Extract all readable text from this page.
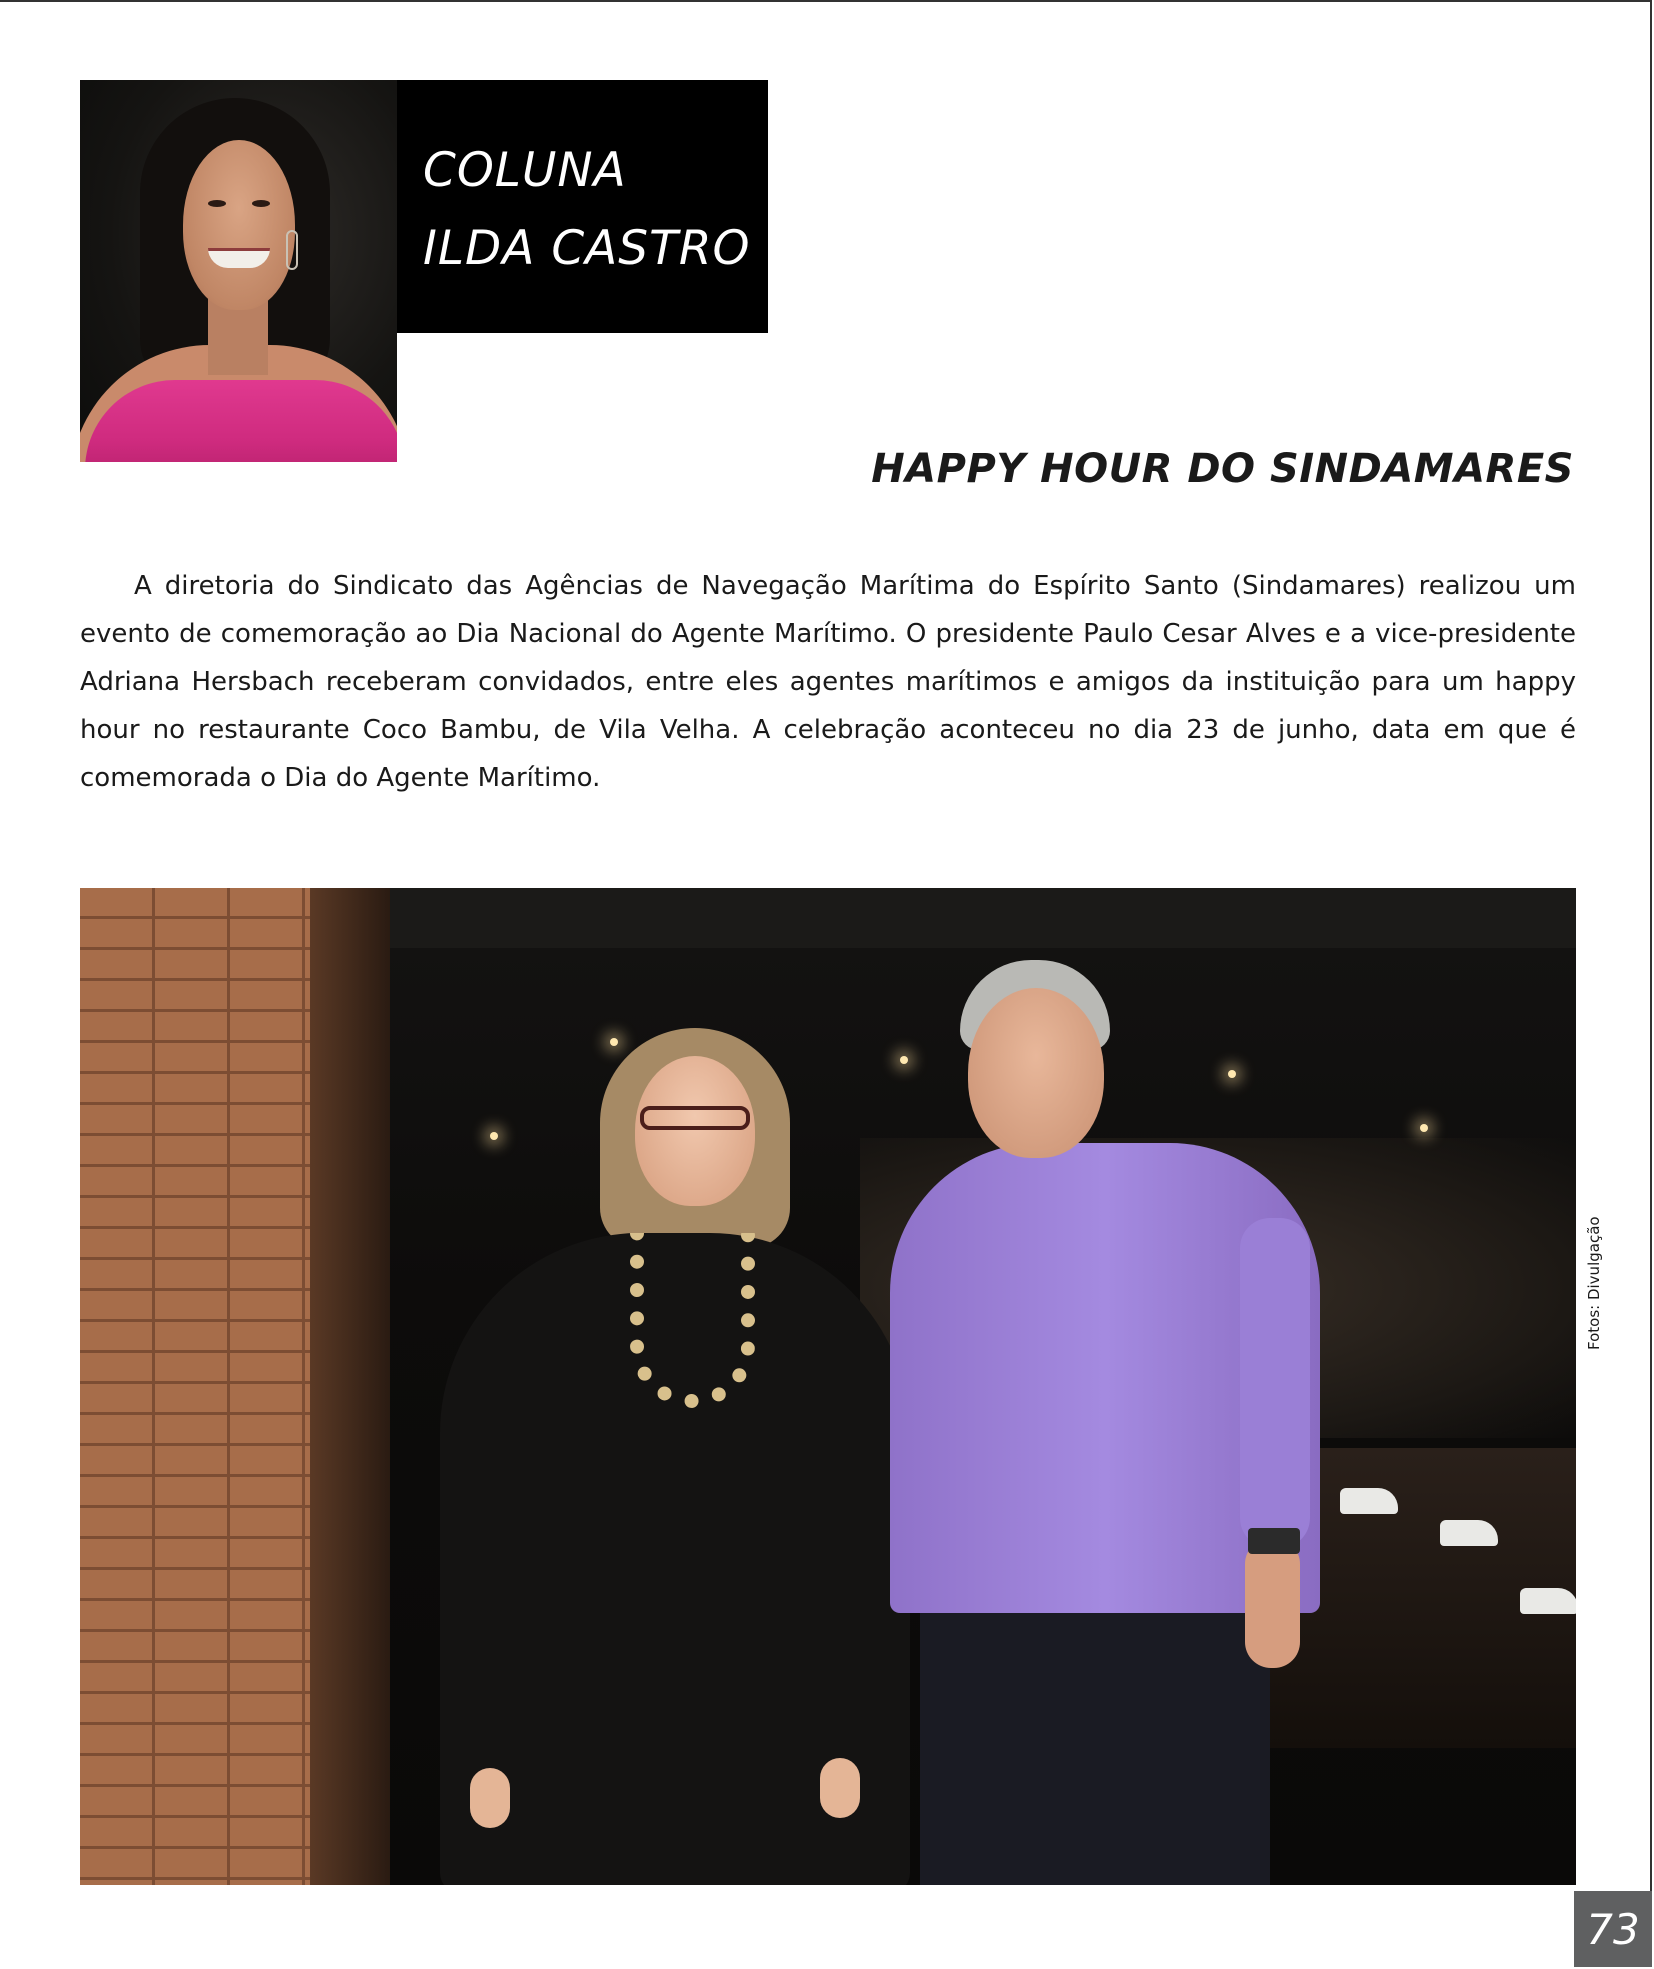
COLUNA
ILDA CASTRO
HAPPY HOUR DO SINDAMARES

A diretoria do Sindicato das Agências de Navegação Marítima do Espírito Santo (Sindamares) realizou um evento de comemoração ao Dia Nacional do Agente Marítimo. O presidente Paulo Cesar Alves e a vice-presidente Adriana Hersbach receberam convidados, entre eles agentes marítimos e amigos da instituição para um happy hour no restaurante Coco Bambu, de Vila Velha. A celebração aconteceu no dia 23 de junho, data em que é comemorada o Dia do Agente Marítimo.

Fotos: Divulgação
73
